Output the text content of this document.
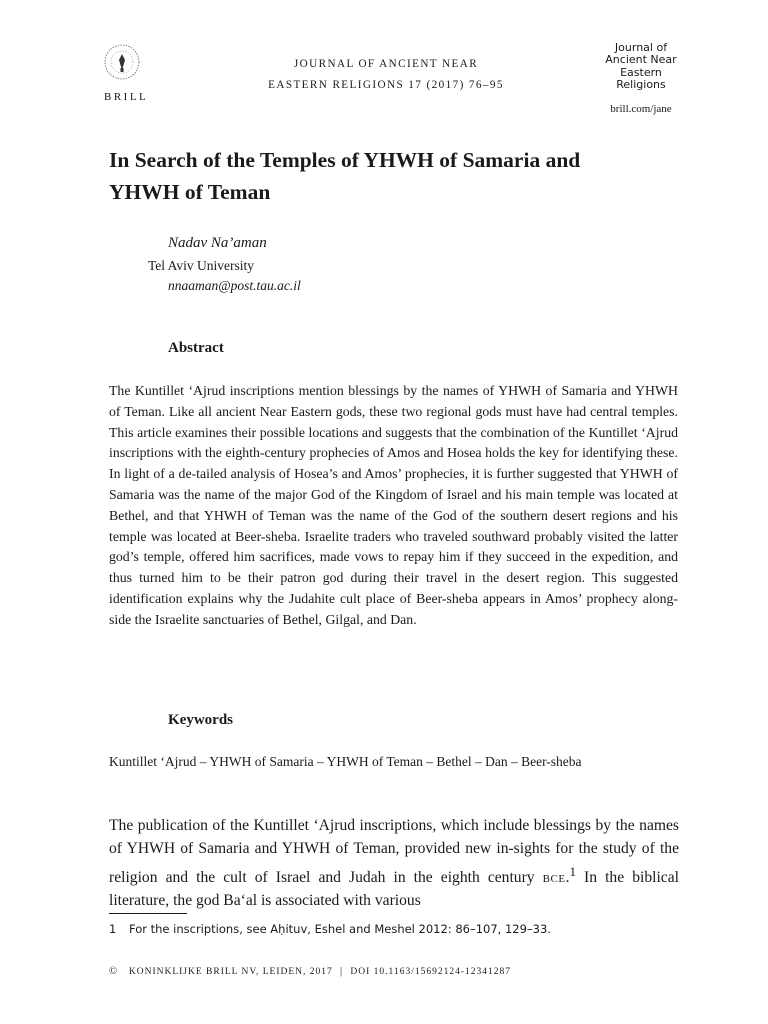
BRILL
JOURNAL OF ANCIENT NEAR
EASTERN RELIGIONS 17 (2017) 76–95
Journal of
Ancient Near
Eastern
Religions
brill.com/jane
In Search of the Temples of YHWH of Samaria and
YHWH of Teman
Nadav Na’aman
Tel Aviv University
nnaaman@post.tau.ac.il
Abstract

The Kuntillet ‘Ajrud inscriptions mention blessings by the names of YHWH of Samaria and YHWH of Teman. Like all ancient Near Eastern gods, these two regional gods must have had central temples. This article examines their possible locations and suggests that the combination of the Kuntillet ‘Ajrud inscriptions with the eighth-century prophecies of Amos and Hosea holds the key for identifying these. In light of a de-tailed analysis of Hosea’s and Amos’ prophecies, it is further suggested that YHWH of Samaria was the name of the major God of the Kingdom of Israel and his main temple was located at Bethel, and that YHWH of Teman was the name of the God of the southern desert regions and his temple was located at Beer-sheba. Israelite traders who traveled southward probably visited the latter god’s temple, offered him sacrifices, made vows to repay him if they succeed in the expedition, and thus turned him to be their patron god during their travel in the desert region. This suggested identification explains why the Judahite cult place of Beer-sheba appears in Amos’ prophecy along-side the Israelite sanctuaries of Bethel, Gilgal, and Dan.

Keywords
Kuntillet ‘Ajrud – YHWH of Samaria – YHWH of Teman – Bethel – Dan – Beer-sheba

The publication of the Kuntillet ‘Ajrud inscriptions, which include blessings by the names of YHWH of Samaria and YHWH of Teman, provided new in-sights for the study of the religion and the cult of Israel and Judah in the eighth century bce.$^1$ In the biblical literature, the god Ba‘al is associated with various

1 For the inscriptions, see Aḥituv, Eshel and Meshel 2012: 86–107, 129–33.
© KONINKLIJKE BRILL NV, LEIDEN, 2017 | DOI 10.1163/15692124-12341287
